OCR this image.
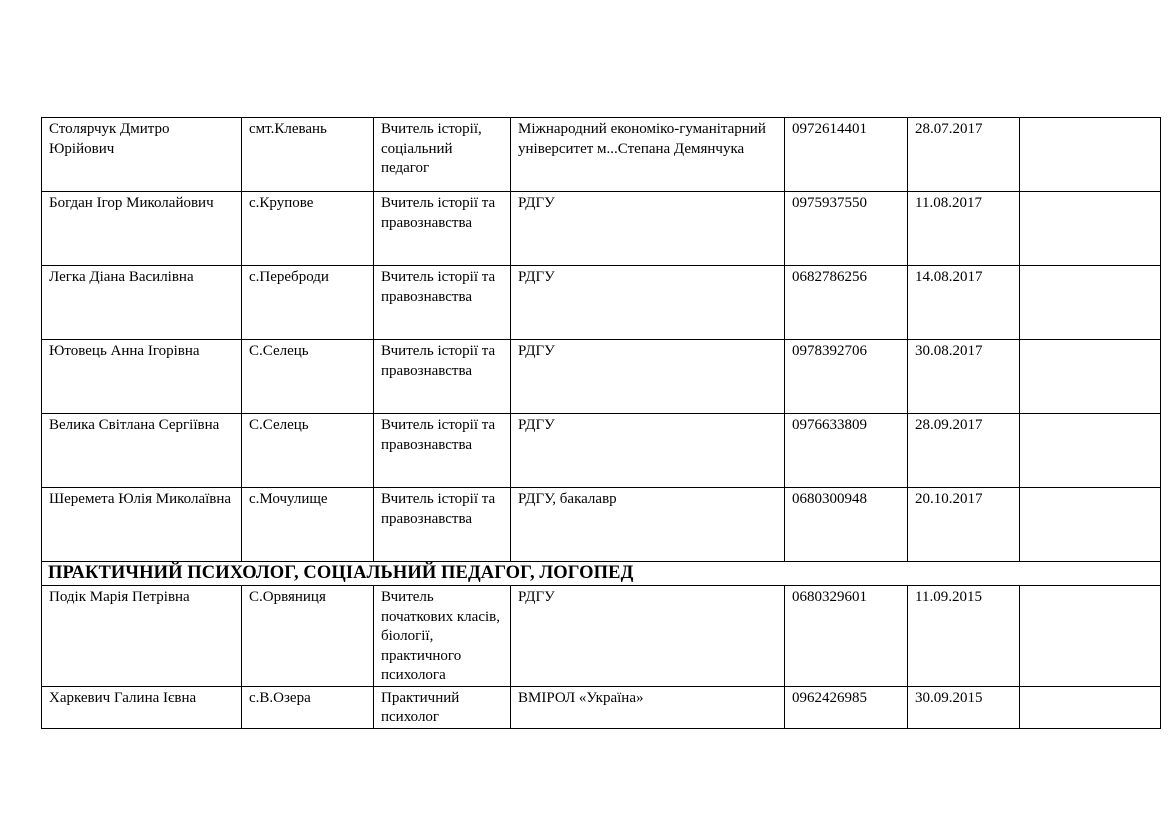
Столярчук Дмитро Юрійович	смт.Клевань	Вчитель історії, соціальний педагог	Міжнародний економіко-гуманітарний університет м...Степана Демянчука	0972614401	28.07.2017	
Богдан Ігор Миколайович	с.Крупове	Вчитель історії та правознавства	РДГУ	0975937550	11.08.2017	
Легка Діана Василівна	с.Переброди	Вчитель історії та правознавства	РДГУ	0682786256	14.08.2017	
Ютовець Анна Ігорівна	С.Селець	Вчитель історії та правознавства	РДГУ	0978392706	30.08.2017	
Велика Світлана Сергіївна	С.Селець	Вчитель історії та правознавства	РДГУ	0976633809	28.09.2017	
Шеремета Юлія Миколаївна	с.Мочулище	Вчитель історії та правознавства	РДГУ, бакалавр	0680300948	20.10.2017	
ПРАКТИЧНИЙ ПСИХОЛОГ, СОЦІАЛЬНИЙ ПЕДАГОГ, ЛОГОПЕД						
Подік Марія Петрівна	С.Орвяниця	Вчитель початкових класів, біології, практичного психолога	РДГУ	0680329601	11.09.2015	
Харкевич Галина Ієвна	с.В.Озера	Практичний психолог	ВМІРОЛ «Україна»	0962426985	30.09.2015	
